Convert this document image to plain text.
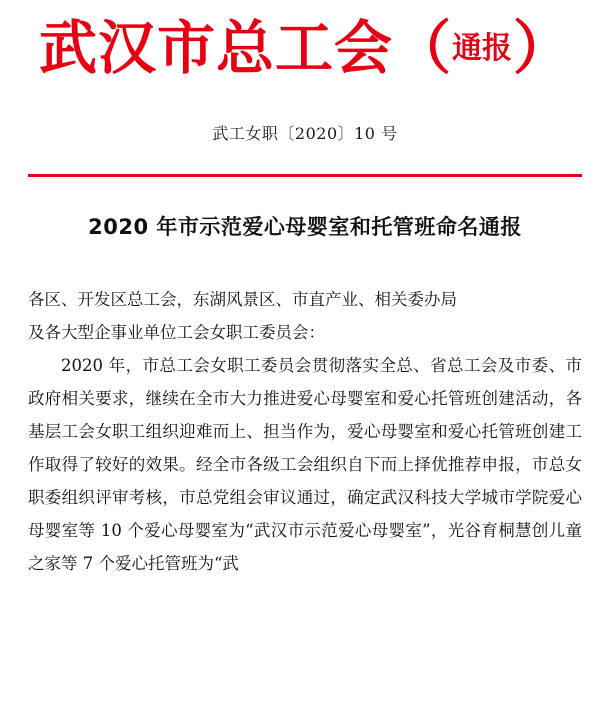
武汉市总工会 （ 通报 ）
武工女职〔2020〕10 号
2020 年市示范爱心母婴室和托管班命名通报

各区、开发区总工会，东湖风景区、市直产业、相关委办局

及各大型企事业单位工会女职工委员会：

2020 年，市总工会女职工委员会贯彻落实全总、省总工会及市委、市政府相关要求，继续在全市大力推进爱心母婴室和爱心托管班创建活动，各基层工会女职工组织迎难而上、担当作为，爱心母婴室和爱心托管班创建工作取得了较好的效果。经全市各级工会组织自下而上择优推荐申报，市总女职委组织评审考核，市总党组会审议通过，确定武汉科技大学城市学院爱心母婴室等 10 个爱心母婴室为“武汉市示范爱心母婴室”，光谷育桐慧创儿童之家等 7 个爱心托管班为“武
